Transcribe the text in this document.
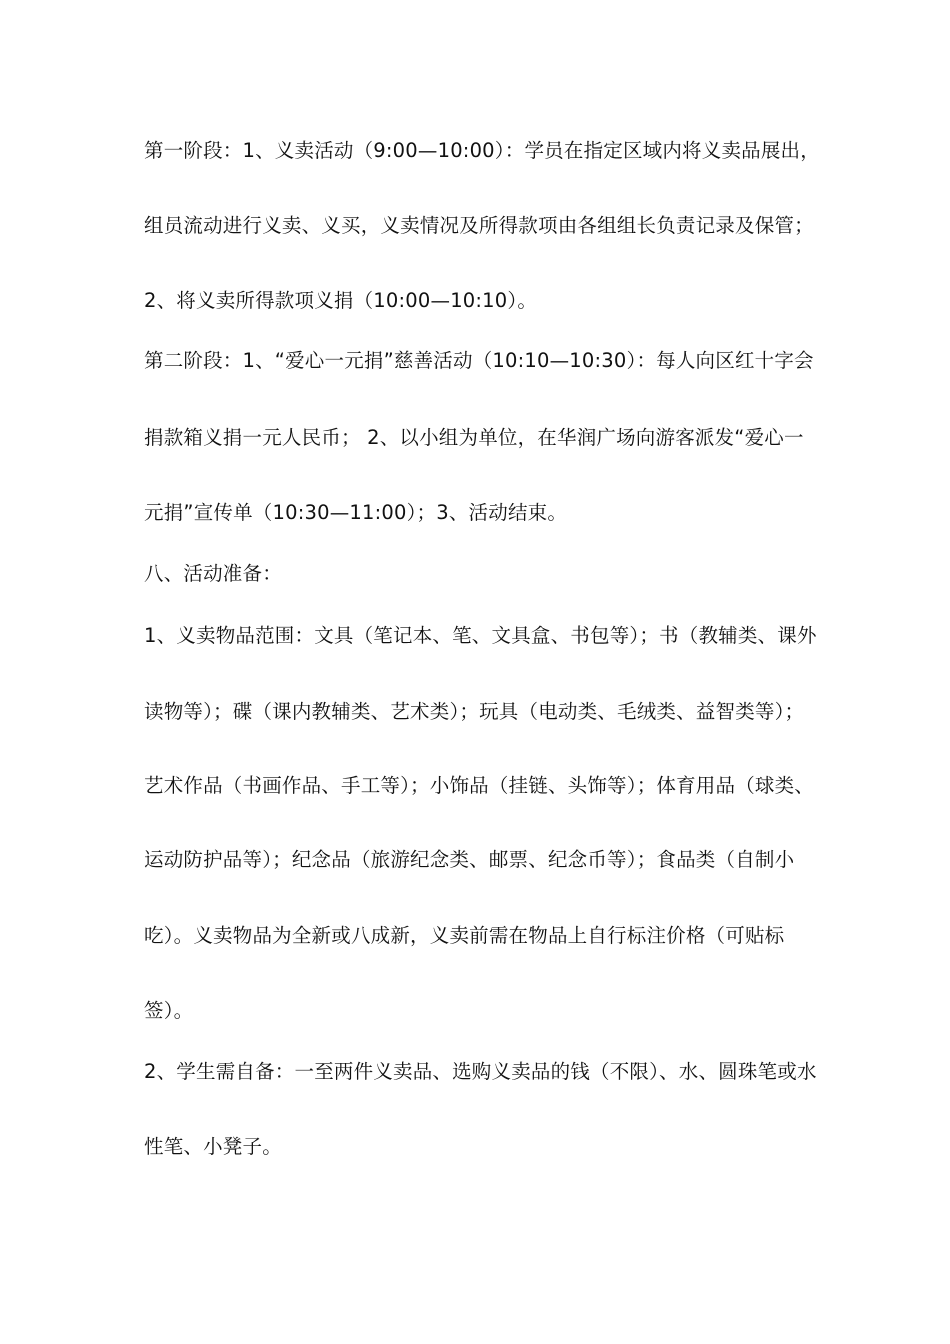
第一阶段：1、义卖活动（9:00—10:00）：学员在指定区域内将义卖品展出，
组员流动进行义卖、义买，义卖情况及所得款项由各组组长负责记录及保管；
2、将义卖所得款项义捐（10:00—10:10）。
第二阶段：1、“爱心一元捐”慈善活动（10:10—10:30）：每人向区红十字会
捐款箱义捐一元人民币； 2、以小组为单位，在华润广场向游客派发“爱心一
元捐”宣传单（10:30—11:00）；3、活动结束。
八、活动准备：
1、义卖物品范围：文具（笔记本、笔、文具盒、书包等）；书（教辅类、课外
读物等）；碟（课内教辅类、艺术类）；玩具（电动类、毛绒类、益智类等）；
艺术作品（书画作品、手工等）；小饰品（挂链、头饰等）；体育用品（球类、
运动防护品等）；纪念品（旅游纪念类、邮票、纪念币等）；食品类（自制小
吃）。义卖物品为全新或八成新，义卖前需在物品上自行标注价格（可贴标
签）。
2、学生需自备：一至两件义卖品、选购义卖品的钱（不限）、水、圆珠笔或水
性笔、小凳子。
